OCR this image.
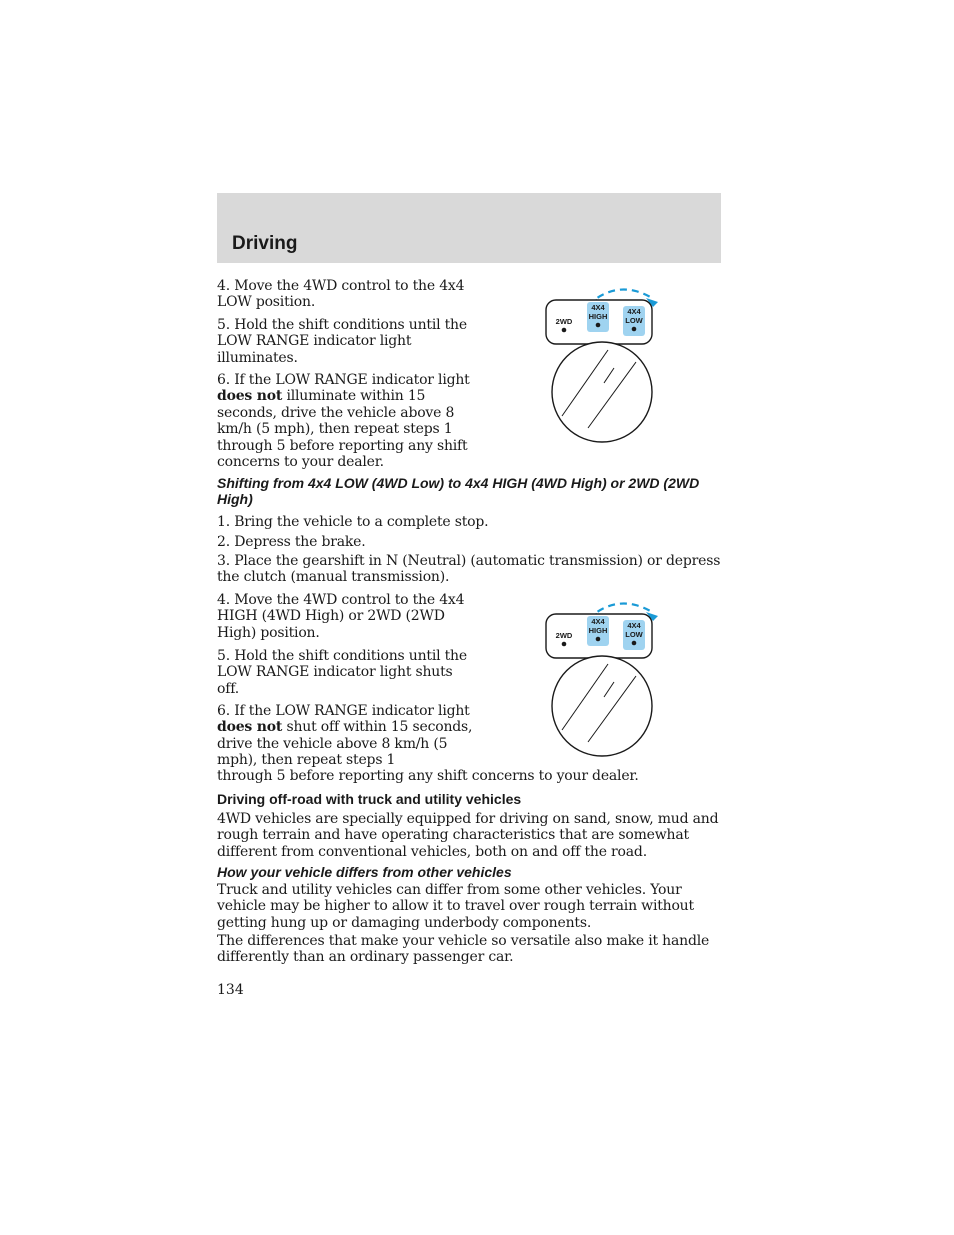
Driving

4. Move the 4WD control to the 4x4 LOW position.

5. Hold the shift conditions until the LOW RANGE indicator light illuminates.

6. If the LOW RANGE indicator light does not illuminate within 15 seconds, drive the vehicle above 8 km/h (5 mph), then repeat steps 1 through 5 before reporting any shift concerns to your dealer.

2WD
4X4
HIGH
4X4
LOW

Shifting from 4x4 LOW (4WD Low) to 4x4 HIGH (4WD High) or 2WD (2WD High)

1. Bring the vehicle to a complete stop.

2. Depress the brake.

3. Place the gearshift in N (Neutral) (automatic transmission) or depress the clutch (manual transmission).

4. Move the 4WD control to the 4x4 HIGH (4WD High) or 2WD (2WD High) position.

5. Hold the shift conditions until the LOW RANGE indicator light shuts off.

6. If the LOW RANGE indicator light does not shut off within 15 seconds, drive the vehicle above 8 km/h (5 mph), then repeat steps 1

through 5 before reporting any shift concerns to your dealer.

2WD
4X4
HIGH
4X4
LOW

Driving off-road with truck and utility vehicles

4WD vehicles are specially equipped for driving on sand, snow, mud and rough terrain and have operating characteristics that are somewhat different from conventional vehicles, both on and off the road.

How your vehicle differs from other vehicles

Truck and utility vehicles can differ from some other vehicles. Your vehicle may be higher to allow it to travel over rough terrain without getting hung up or damaging underbody components.

The differences that make your vehicle so versatile also make it handle differently than an ordinary passenger car.

134
